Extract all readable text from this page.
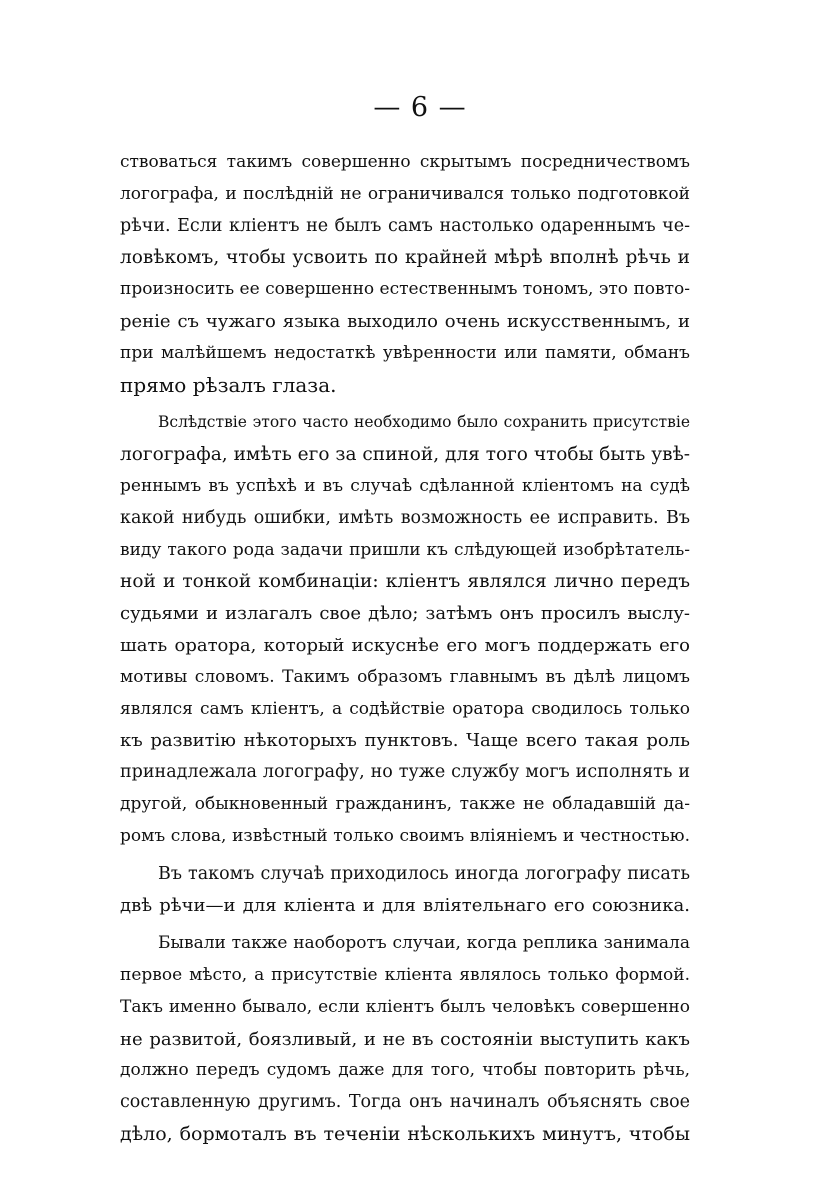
— 6 —
ствоваться такимъ совершенно скрытымъ посредничествомъ
логографа, и послѣдній не ограничивался только подготовкой
рѣчи. Если кліентъ не былъ самъ настолько одареннымъ че-
ловѣкомъ, чтобы усвоить по крайней мѣрѣ вполнѣ рѣчь и
произносить ее совершенно естественнымъ тономъ, это повто-
реніе съ чужаго языка выходило очень искусственнымъ, и
при малѣйшемъ недостаткѣ увѣренности или памяти, обманъ
прямо рѣзалъ глаза.
Вслѣдствіе этого часто необходимо было сохранить присутствіе
логографа, имѣть его за спиной, для того чтобы быть увѣ-
реннымъ въ успѣхѣ и въ случаѣ сдѣланной кліентомъ на судѣ
какой нибудь ошибки, имѣть возможность ее исправить. Въ
виду такого рода задачи пришли къ слѣдующей изобрѣтатель-
ной и тонкой комбинаціи: кліентъ являлся лично передъ
судьями и излагалъ свое дѣло; затѣмъ онъ просилъ выслу-
шать оратора, который искуснѣе его могъ поддержать его
мотивы словомъ. Такимъ образомъ главнымъ въ дѣлѣ лицомъ
являлся самъ кліентъ, а содѣйствіе оратора сводилось только
къ развитію нѣкоторыхъ пунктовъ. Чаще всего такая роль
принадлежала логографу, но туже службу могъ исполнять и
другой, обыкновенный гражданинъ, также не обладавшій да-
ромъ слова, извѣстный только своимъ вліяніемъ и честностью.
Въ такомъ случаѣ приходилось иногда логографу писать
двѣ рѣчи—и для кліента и для вліятельнаго его союзника.
Бывали также наоборотъ случаи, когда реплика занимала
первое мѣсто, а присутствіе кліента являлось только формой.
Такъ именно бывало, если кліентъ былъ человѣкъ совершенно
не развитой, боязливый, и не въ состояніи выступить какъ
должно передъ судомъ даже для того, чтобы повторить рѣчь,
составленную другимъ. Тогда онъ начиналъ объяснять свое
дѣло, бормоталъ въ теченіи нѣсколькихъ минутъ, чтобы
